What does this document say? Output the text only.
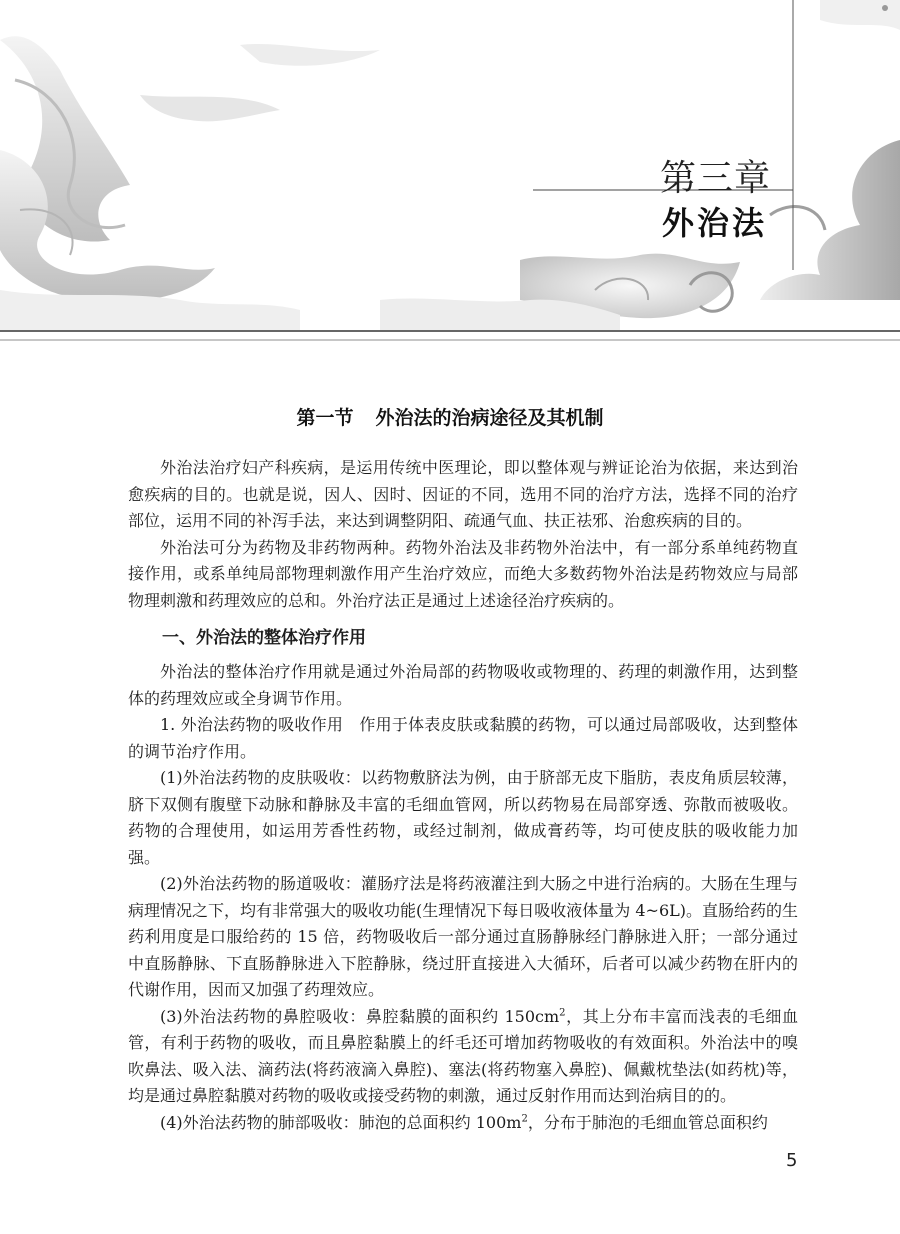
第三章
外治法
第一节 外治法的治病途径及其机制

外治法治疗妇产科疾病，是运用传统中医理论，即以整体观与辨证论治为依据，来达到治愈疾病的目的。也就是说，因人、因时、因证的不同，选用不同的治疗方法，选择不同的治疗部位，运用不同的补泻手法，来达到调整阴阳、疏通气血、扶正祛邪、治愈疾病的目的。

外治法可分为药物及非药物两种。药物外治法及非药物外治法中，有一部分系单纯药物直接作用，或系单纯局部物理刺激作用产生治疗效应，而绝大多数药物外治法是药物效应与局部物理刺激和药理效应的总和。外治疗法正是通过上述途径治疗疾病的。

一、外治法的整体治疗作用

外治法的整体治疗作用就是通过外治局部的药物吸收或物理的、药理的刺激作用，达到整体的药理效应或全身调节作用。

1. 外治法药物的吸收作用　作用于体表皮肤或黏膜的药物，可以通过局部吸收，达到整体的调节治疗作用。

(1)外治法药物的皮肤吸收：以药物敷脐法为例，由于脐部无皮下脂肪，表皮角质层较薄，脐下双侧有腹壁下动脉和静脉及丰富的毛细血管网，所以药物易在局部穿透、弥散而被吸收。药物的合理使用，如运用芳香性药物，或经过制剂，做成膏药等，均可使皮肤的吸收能力加强。

(2)外治法药物的肠道吸收：灌肠疗法是将药液灌注到大肠之中进行治病的。大肠在生理与病理情况之下，均有非常强大的吸收功能(生理情况下每日吸收液体量为 4~6L)。直肠给药的生药利用度是口服给药的 15 倍，药物吸收后一部分通过直肠静脉经门静脉进入肝；一部分通过中直肠静脉、下直肠静脉进入下腔静脉，绕过肝直接进入大循环，后者可以减少药物在肝内的代谢作用，因而又加强了药理效应。

(3)外治法药物的鼻腔吸收：鼻腔黏膜的面积约 $150cm^2$，其上分布丰富而浅表的毛细血管，有利于药物的吸收，而且鼻腔黏膜上的纤毛还可增加药物吸收的有效面积。外治法中的嗅吹鼻法、吸入法、滴药法(将药液滴入鼻腔)、塞法(将药物塞入鼻腔)、佩戴枕垫法(如药枕)等，均是通过鼻腔黏膜对药物的吸收或接受药物的刺激，通过反射作用而达到治病目的的。

(4)外治法药物的肺部吸收：肺泡的总面积约 $100m^2$，分布于肺泡的毛细血管总面积约

5
